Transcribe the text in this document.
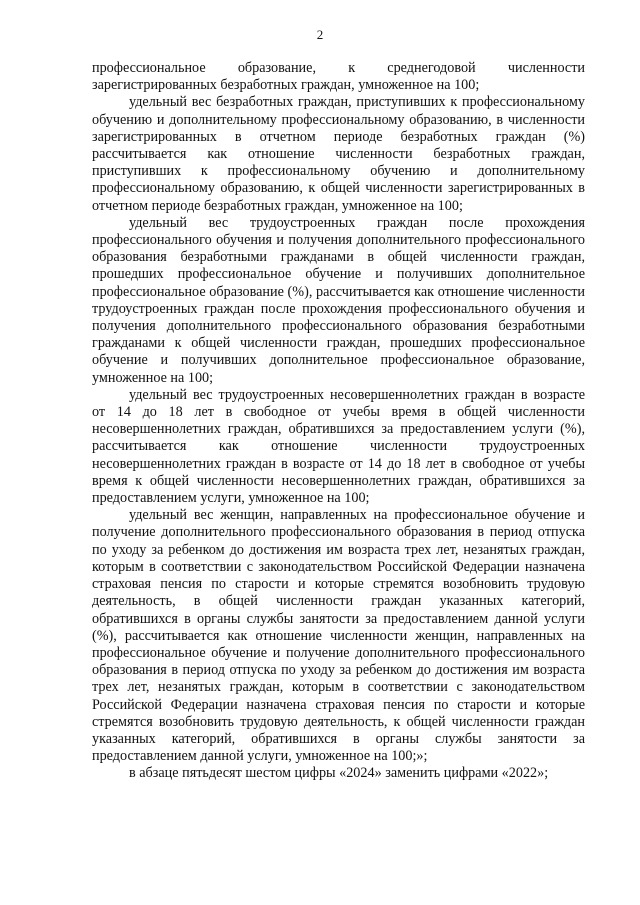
2

профессиональное образование, к среднегодовой численности зарегистрированных безработных граждан, умноженное на 100;

удельный вес безработных граждан, приступивших к профессиональному обучению и дополнительному профессиональному образованию, в численности зарегистрированных в отчетном периоде безработных граждан (%) рассчитывается как отношение численности безработных граждан, приступивших к профессиональному обучению и дополнительному профессиональному образованию, к общей численности зарегистрированных в отчетном периоде безработных граждан, умноженное на 100;

удельный вес трудоустроенных граждан после прохождения профессионального обучения и получения дополнительного профессионального образования безработными гражданами в общей численности граждан, прошедших профессиональное обучение и получивших дополнительное профессиональное образование (%), рассчитывается как отношение численности трудоустроенных граждан после прохождения профессионального обучения и получения дополнительного профессионального образования безработными гражданами к общей численности граждан, прошедших профессиональное обучение и получивших дополнительное профессиональное образование, умноженное на 100;

удельный вес трудоустроенных несовершеннолетних граждан в возрасте от 14 до 18 лет в свободное от учебы время в общей численности несовершеннолетних граждан, обратившихся за предоставлением услуги (%), рассчитывается как отношение численности трудоустроенных несовершеннолетних граждан в возрасте от 14 до 18 лет в свободное от учебы время к общей численности несовершеннолетних граждан, обратившихся за предоставлением услуги, умноженное на 100;

удельный вес женщин, направленных на профессиональное обучение и получение дополнительного профессионального образования в период отпуска по уходу за ребенком до достижения им возраста трех лет, незанятых граждан, которым в соответствии с законодательством Российской Федерации назначена страховая пенсия по старости и которые стремятся возобновить трудовую деятельность, в общей численности граждан указанных категорий, обратившихся в органы службы занятости за предоставлением данной услуги (%), рассчитывается как отношение численности женщин, направленных на профессиональное обучение и получение дополнительного профессионального образования в период отпуска по уходу за ребенком до достижения им возраста трех лет, незанятых граждан, которым в соответствии с законодательством Российской Федерации назначена страховая пенсия по старости и которые стремятся возобновить трудовую деятельность, к общей численности граждан указанных категорий, обратившихся в органы службы занятости за предоставлением данной услуги, умноженное на 100;»;

в абзаце пятьдесят шестом цифры «2024» заменить цифрами «2022»;
